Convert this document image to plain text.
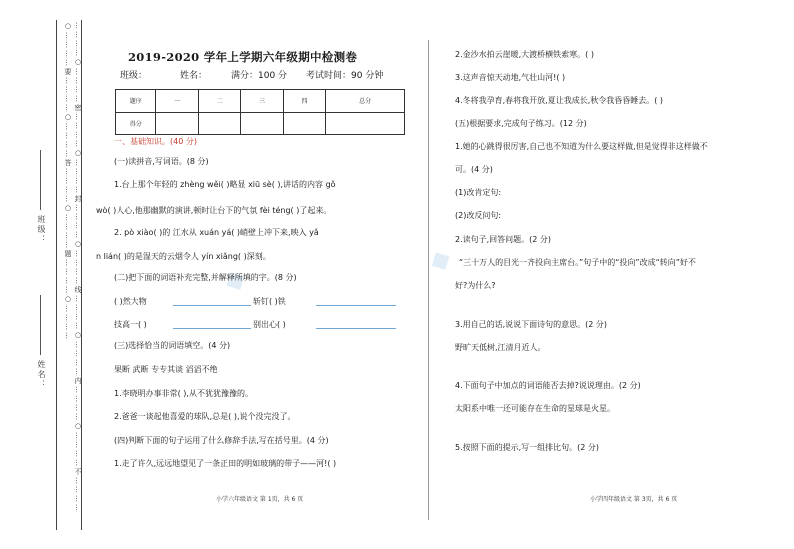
…………○…………密…………○…………封…………○…………线…………○…………内…………○…………不…………○…………要…………○…………答…………○…………题…………○…………
班级：
姓名：
◆
◆
2019-2020 学年上学期六年级期中检测卷
班级：	姓名：	满分：100 分 考试时间：90 分钟
题序	一	二	三	四	总分
得分					
一、基础知识。(40 分)
(一)读拼音,写词语。(8 分)
1.台上那个年轻的 zhèng wěi( )略显 xiū sè( ),讲话的内容 gǒ
wò( )人心,他那幽默的演讲,顿时让台下的气氛 fèi téng( )了起来。
2. pò xiào( )的 江水从 xuán yá( )峭壁上冲下来,映入 yǎ
n lián( )的是湿天的云烟令人 yín xiǎng( )深刻。
(二)把下面的词语补充完整,并解释所填的字。(8 分)
( )然大物	斩钉( )铁
技高一( )	别出心( )
(三)选择恰当的词语填空。(4 分)
果断 武断 专专其谈 滔滔不绝
1.李晓明办事非常( ),从不犹犹豫豫的。
2.爸爸一谈起他喜爱的球队,总是( ),说个没完没了。
(四)判断下面的句子运用了什么修辞手法,写在括号里。(4 分)
1.走了许久,远远地望见了一条正田的明如玻璃的带子——河!( )
小学六年级语文 第 1页，共 6 页
2.金沙水拍云崖暖,大渡桥横铁索寒。( )
3.这声音惊天动地,气壮山河!( )
4.冬将我孕育,春将我开放,夏让我成长,秋令我昏昏睡去。( )
(五)根据要求,完成句子练习。(12 分)
1.她的心跳得很厉害,自己也不知道为什么要这样做,但是觉得非这样做不
可。(4 分)
(1)改肯定句:
(2)改反问句:
2.读句子,回答问题。(2 分)
“三十万人的目光一齐投向主席台。”句子中的“投向”改成“转向”好不
好?为什么?
3.用自己的话,说说下面诗句的意思。(2 分)
野旷天低树,江清月近人。
4.下面句子中加点的词语能否去掉?说说理由。(2 分)
太阳系中唯一还可能存在生命的星球是火星。
5.按照下面的提示,写一组排比句。(2 分)
小学四年级语文 第 3页，共 6 页
